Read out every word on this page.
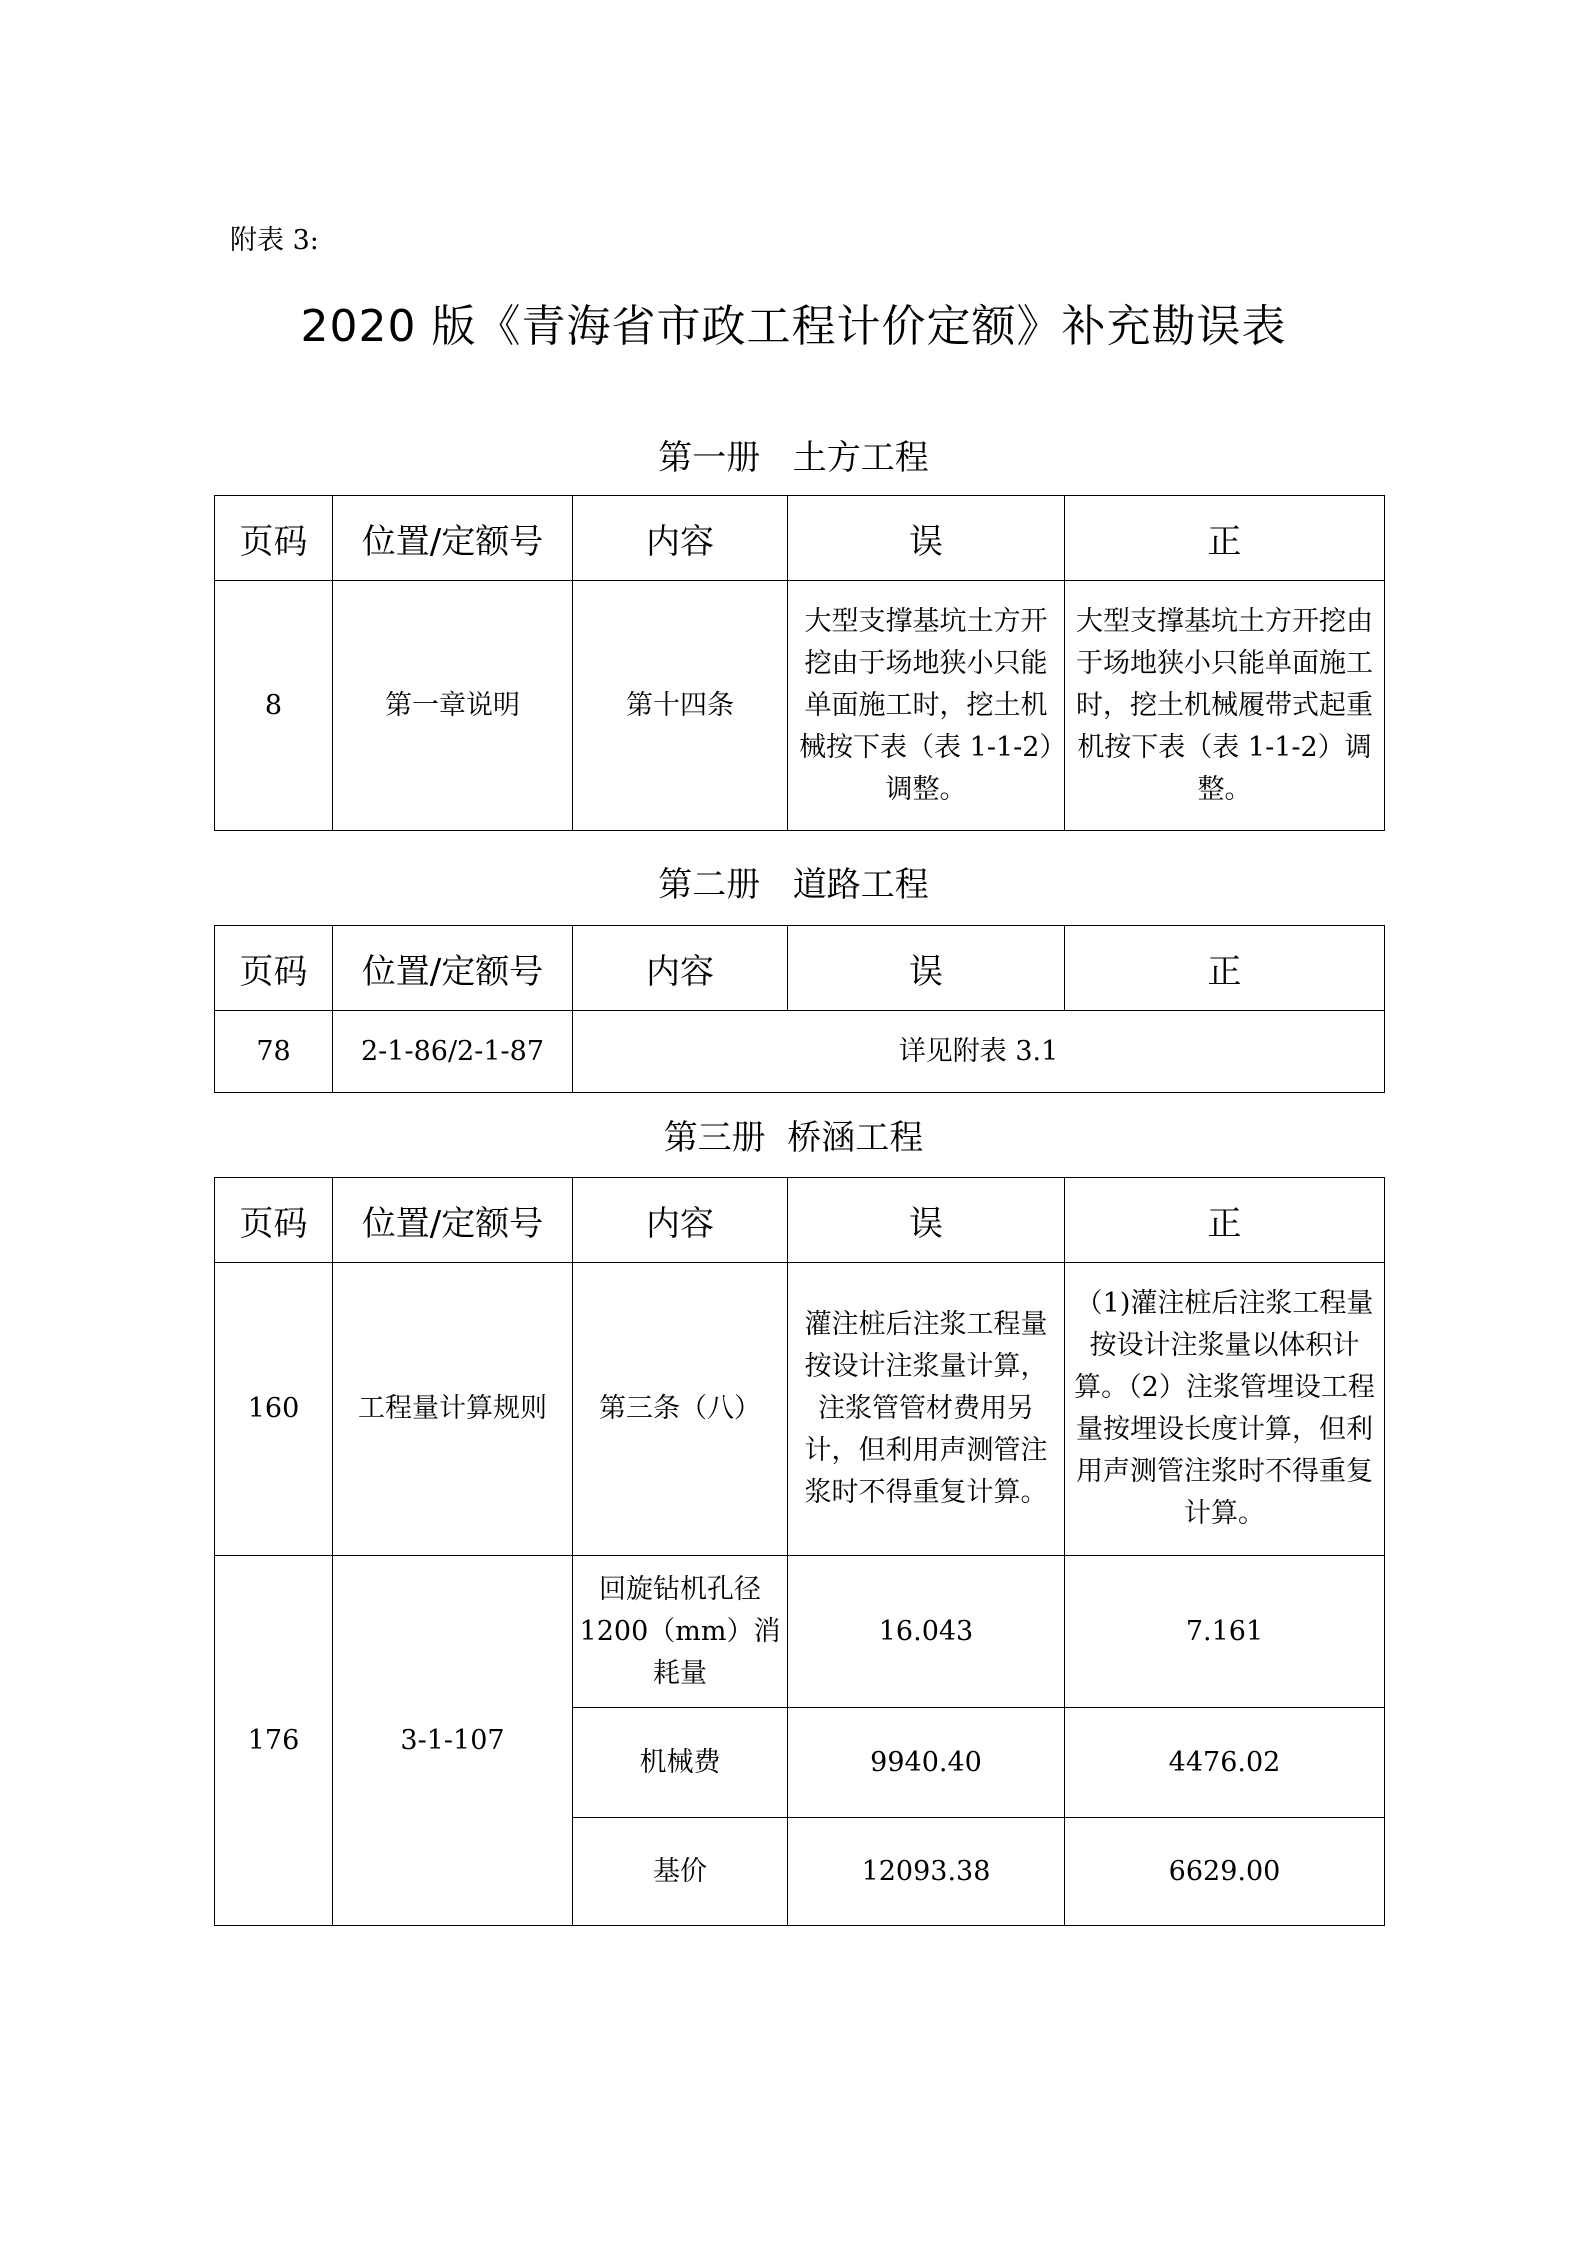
附表 3:
2020 版《青海省市政工程计价定额》补充勘误表
第一册   土方工程
页码	位置/定额号	内容	误	正
8	第一章说明	第十四条	大型支撑基坑土方开挖由于场地狭小只能单面施工时，挖土机械按下表（表 1-1-2）调整。	大型支撑基坑土方开挖由于场地狭小只能单面施工时，挖土机械履带式起重机按下表（表 1-1-2）调整。
第二册   道路工程
页码	位置/定额号	内容	误	正
78	2-1-86/2-1-87	详见附表 3.1		
第三册  桥涵工程
页码	位置/定额号	内容	误	正
160	工程量计算规则	第三条（八）	灌注桩后注浆工程量按设计注浆量计算，注浆管管材费用另计，但利用声测管注浆时不得重复计算。	（1)灌注桩后注浆工程量按设计注浆量以体积计算。（2）注浆管埋设工程量按埋设长度计算，但利用声测管注浆时不得重复计算。
176	3-1-107	回旋钻机孔径 1200（mm）消耗量	16.043	7.161
		机械费	9940.40	4476.02
		基价	12093.38	6629.00
